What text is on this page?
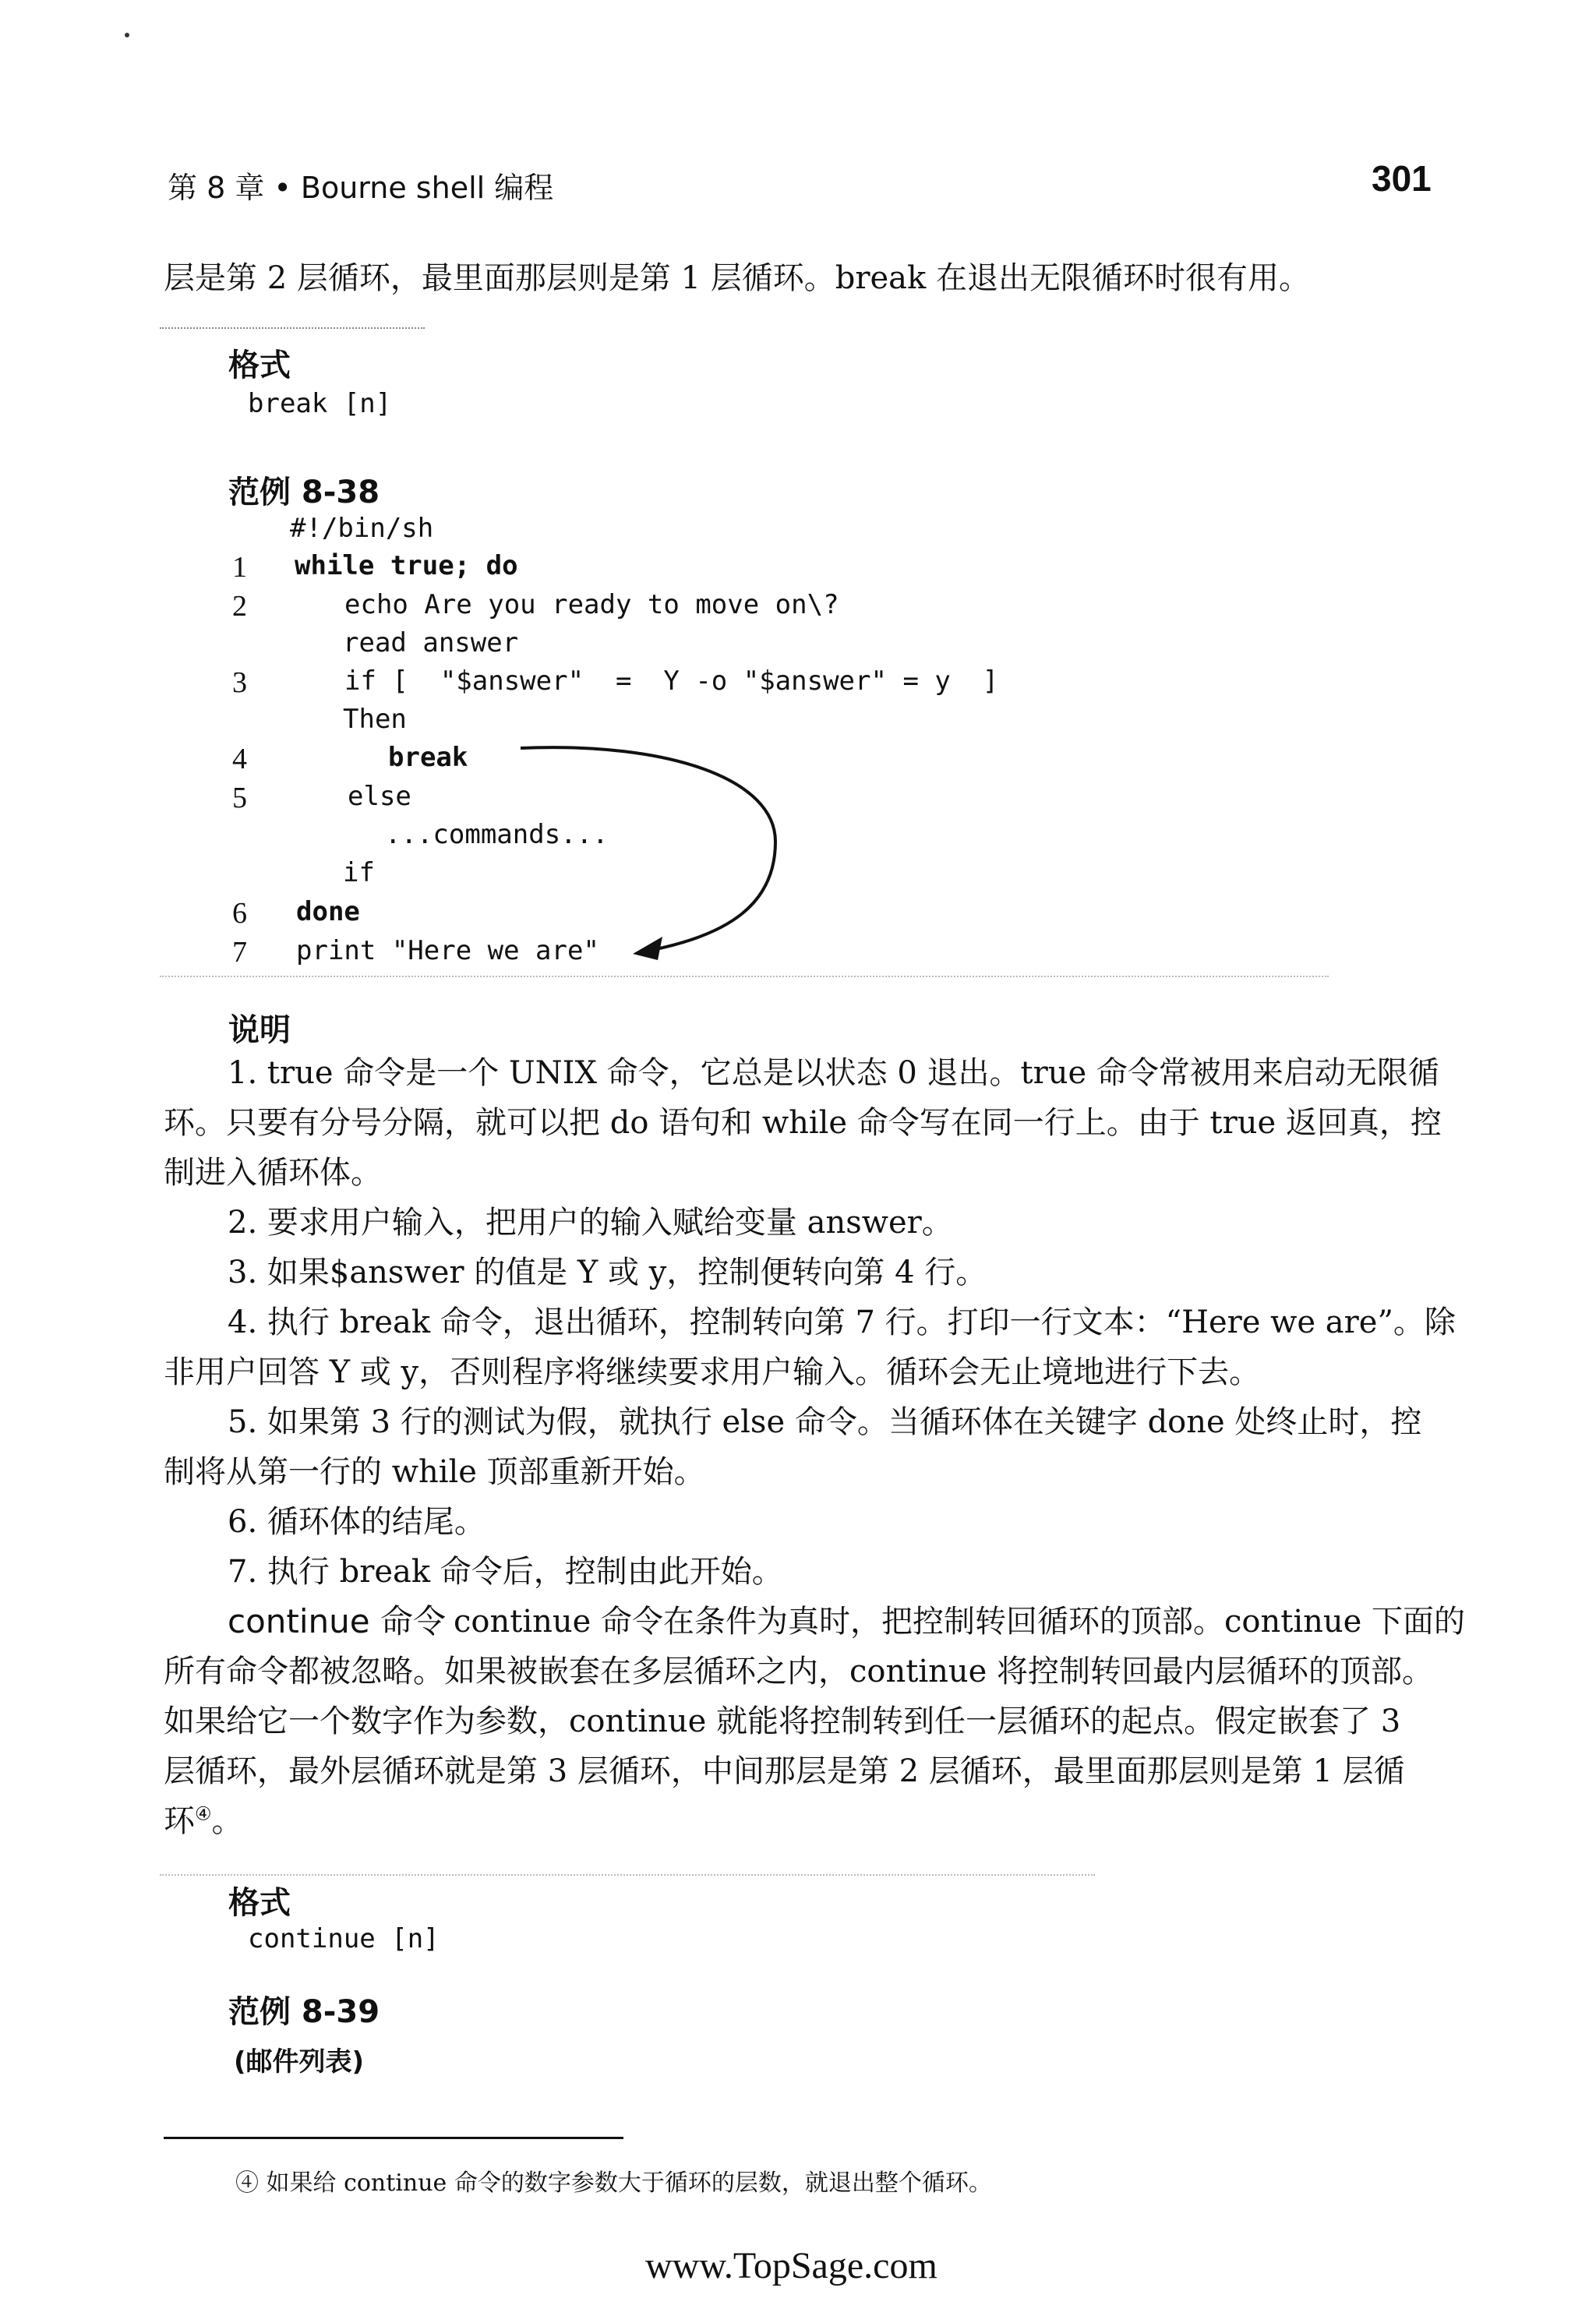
第 8 章 • Bourne shell 编程	301
层是第 2 层循环，最里面那层则是第 1 层循环。break 在退出无限循环时很有用。
格式
break [n]
范例 8-38
#!/bin/sh
1 while true; do
2	echo Are you ready to move on\?
read answer
3	if [  "$answer"  =  Y -o "$answer" = y  ]
Then
4	break
5	else
...commands...
if
6 done
7 print "Here we are"
说明
1. true 命令是一个 UNIX 命令，它总是以状态 0 退出。true 命令常被用来启动无限循
环。只要有分号分隔，就可以把 do 语句和 while 命令写在同一行上。由于 true 返回真，控
制进入循环体。
2. 要求用户输入，把用户的输入赋给变量 answer。
3. 如果$answer 的值是 Y 或 y，控制便转向第 4 行。
4. 执行 break 命令，退出循环，控制转向第 7 行。打印一行文本：“Here we are”。除
非用户回答 Y 或 y，否则程序将继续要求用户输入。循环会无止境地进行下去。
5. 如果第 3 行的测试为假，就执行 else 命令。当循环体在关键字 done 处终止时，控
制将从第一行的 while 顶部重新开始。
6. 循环体的结尾。
7. 执行 break 命令后，控制由此开始。
continue 命令 continue 命令在条件为真时，把控制转回循环的顶部。continue 下面的
所有命令都被忽略。如果被嵌套在多层循环之内，continue 将控制转回最内层循环的顶部。
如果给它一个数字作为参数，continue 就能将控制转到任一层循环的起点。假定嵌套了 3
层循环，最外层循环就是第 3 层循环，中间那层是第 2 层循环，最里面那层则是第 1 层循
环④。
格式
continue [n]
范例 8-39
(邮件列表)
④ 如果给 continue 命令的数字参数大于循环的层数，就退出整个循环。
www.TopSage.com
